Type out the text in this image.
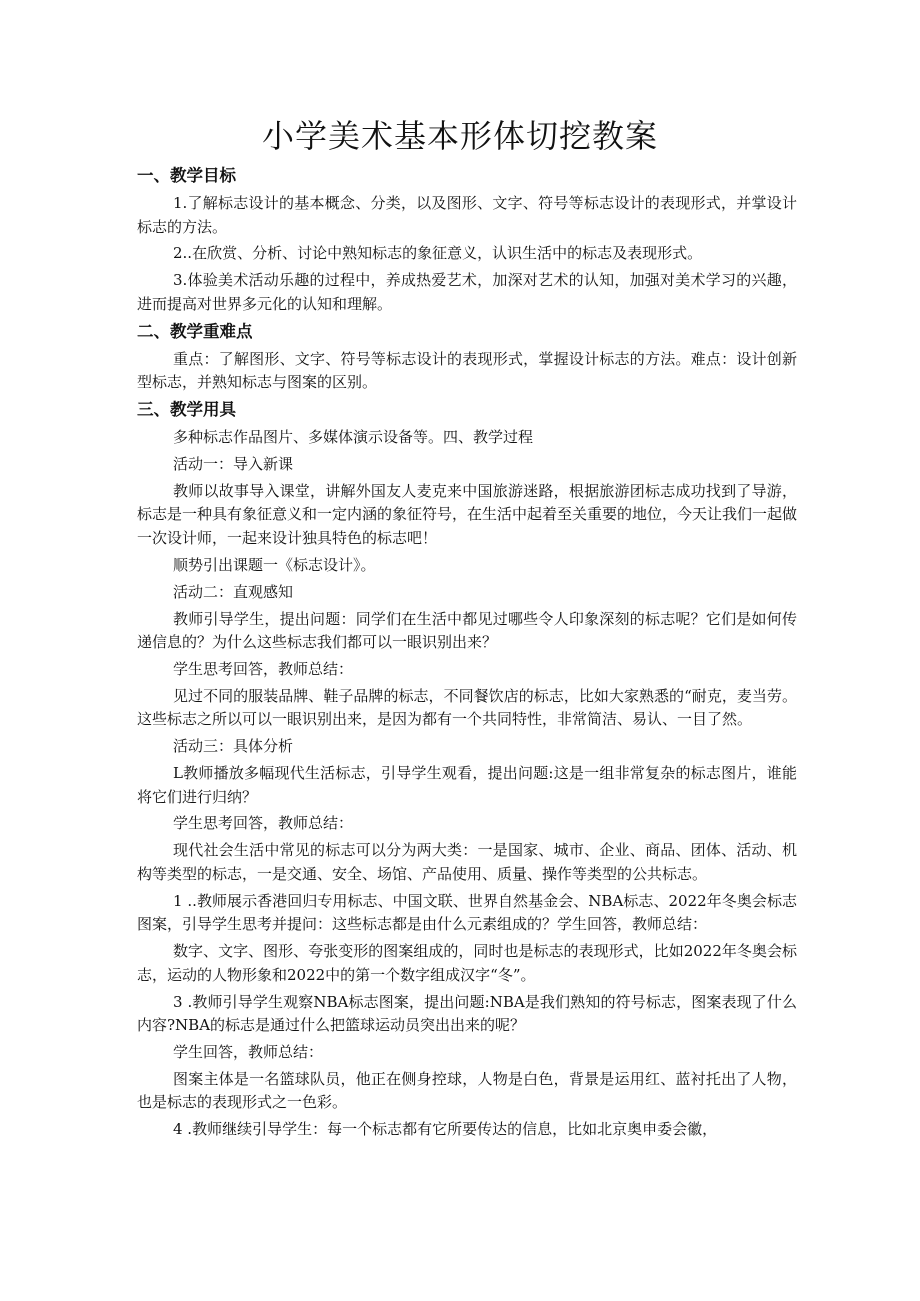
小学美术基本形体切挖教案
一、教学目标

1.了解标志设计的基本概念、分类，以及图形、文字、符号等标志设计的表现形式，并掌设计标志的方法。

2..在欣赏、分析、讨论中熟知标志的象征意义，认识生活中的标志及表现形式。

3.体验美术活动乐趣的过程中，养成热爱艺术，加深对艺术的认知，加强对美术学习的兴趣，进而提高对世界多元化的认知和理解。

二、教学重难点

重点：了解图形、文字、符号等标志设计的表现形式，掌握设计标志的方法。难点：设计创新型标志，并熟知标志与图案的区别。

三、教学用具

多种标志作品图片、多媒体演示设备等。四、教学过程

活动一：导入新课

教师以故事导入课堂，讲解外国友人麦克来中国旅游迷路，根据旅游团标志成功找到了导游，标志是一种具有象征意义和一定内涵的象征符号，在生活中起着至关重要的地位，今天让我们一起做一次设计师，一起来设计独具特色的标志吧！

顺势引出课题一《标志设计》。

活动二：直观感知

教师引导学生，提出问题：同学们在生活中都见过哪些令人印象深刻的标志呢？它们是如何传递信息的？为什么这些标志我们都可以一眼识别出来？

学生思考回答，教师总结：

见过不同的服装品牌、鞋子品牌的标志，不同餐饮店的标志，比如大家熟悉的“耐克，麦当劳。这些标志之所以可以一眼识别出来，是因为都有一个共同特性，非常简洁、易认、一目了然。

活动三：具体分析

L教师播放多幅现代生活标志，引导学生观看，提出问题:这是一组非常复杂的标志图片，谁能将它们进行归纳？

学生思考回答，教师总结：

现代社会生活中常见的标志可以分为两大类：一是国家、城市、企业、商品、团体、活动、机构等类型的标志，一是交通、安全、场馆、产品使用、质量、操作等类型的公共标志。

1 ..教师展示香港回归专用标志、中国文联、世界自然基金会、NBA标志、2022年冬奥会标志图案，引导学生思考并提问：这些标志都是由什么元素组成的？学生回答，教师总结：

数字、文字、图形、夸张变形的图案组成的，同时也是标志的表现形式，比如2022年冬奥会标志，运动的人物形象和2022中的第一个数字组成汉字“冬”。

3 .教师引导学生观察NBA标志图案，提出问题:NBA是我们熟知的符号标志，图案表现了什么内容?NBA的标志是通过什么把篮球运动员突出出来的呢？

学生回答，教师总结：

图案主体是一名篮球队员，他正在侧身控球，人物是白色，背景是运用红、蓝衬托出了人物，也是标志的表现形式之一色彩。

4 .教师继续引导学生：每一个标志都有它所要传达的信息，比如北京奥申委会徽，
